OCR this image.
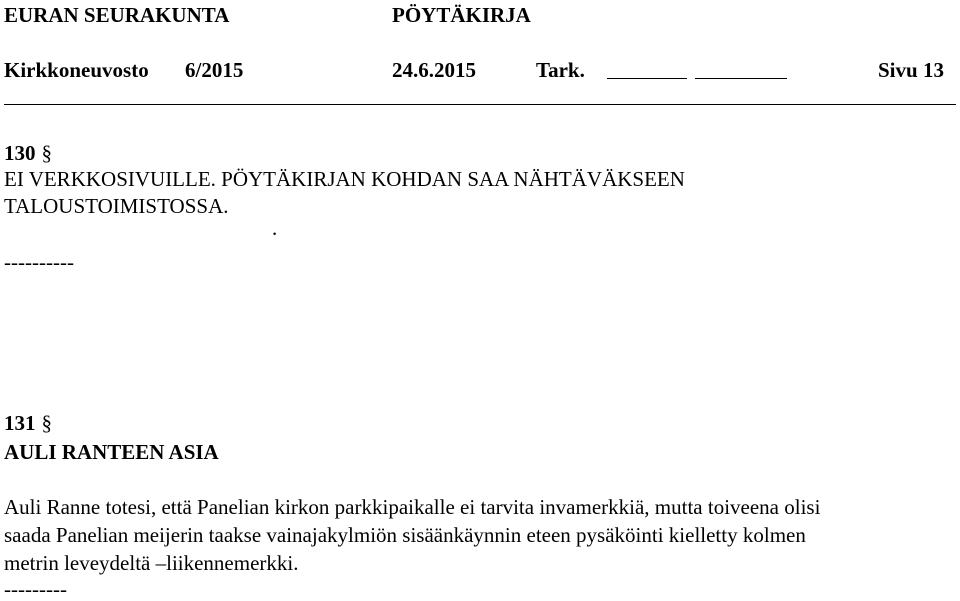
EURAN SEURAKUNTA	PÖYTÄKIRJA
Kirkkoneuvosto 6/2015	24.6.2015	Tark.	Sivu 13
130 §
EI VERKKOSIVUILLE. PÖYTÄKIRJAN KOHDAN SAA NÄHTÄVÄKSEEN
TALOUSTOIMISTOSSA.
.
----------
131 §
AULI RANTEEN ASIA
Auli Ranne totesi, että Panelian kirkon parkkipaikalle ei tarvita invamerkkiä, mutta toiveena olisi
saada Panelian meijerin taakse vainajakylmiön sisäänkäynnin eteen pysäköinti kielletty kolmen
metrin leveydeltä –liikennemerkki.
---------
